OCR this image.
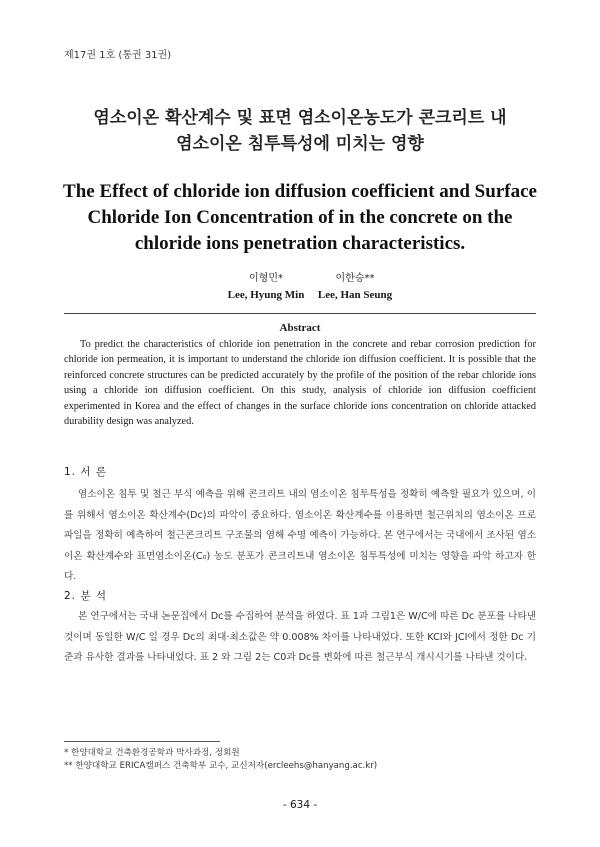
제17권 1호 (통권 31권)
염소이온 확산계수 및 표면 염소이온농도가 콘크리트 내
염소이온 침투특성에 미치는 영향
The Effect of chloride ion diffusion coefficient and Surface
Chloride Ion Concentration of in the concrete on the
chloride ions penetration characteristics.
이형민*
Lee, Hyung Min
이한승**
Lee, Han Seung
Abstract

To predict the characteristics of chloride ion penetration in the concrete and rebar corrosion prediction for chloride ion permeation, it is important to understand the chloride ion diffusion coefficient. It is possible that the reinforced concrete structures can be predicted accurately by the profile of the position of the rebar chloride ions using a chloride ion diffusion coefficient. On this study, analysis of chloride ion diffusion coefficient experimented in Korea and the effect of changes in the surface chloride ions concentration on chloride attacked durability design was analyzed.

1. 서 론

염소이온 침투 및 철근 부식 예측을 위해 콘크리트 내의 염소이온 침투특성을 정확히 예측할 필요가 있으며, 이를 위해서 염소이온 확산계수(Dc)의 파악이 중요하다. 염소이온 확산계수를 이용하면 철근위치의 염소이온 프로파일을 정확히 예측하여 철근콘크리트 구조물의 염해 수명 예측이 가능하다. 본 연구에서는 국내에서 조사된 염소이온 확산계수와 표면염소이온(C₀) 농도 분포가 콘크리트내 염소이온 침투특성에 미치는 영향을 파악 하고자 한다.

2. 분 석

본 연구에서는 국내 논문집에서 Dc를 수집하여 분석을 하였다. 표 1과 그림1은 W/C에 따른 Dc 분포를 나타낸 것이며 동일한 W/C 일 경우 Dc의 최대·최소값은 약 0.008% 차이를 나타내었다. 또한 KCI와 JCI에서 정한 Dc 기준과 유사한 결과를 나타내었다. 표 2 와 그림 2는 C0과 Dc를 변화에 따른 철근부식 개시시기를 나타낸 것이다.

* 한양대학교 건축환경공학과 박사과정, 정회원
** 한양대학교 ERICA캠퍼스 건축학부 교수, 교신저자(ercleehs@hanyang.ac.kr)
- 634 -
